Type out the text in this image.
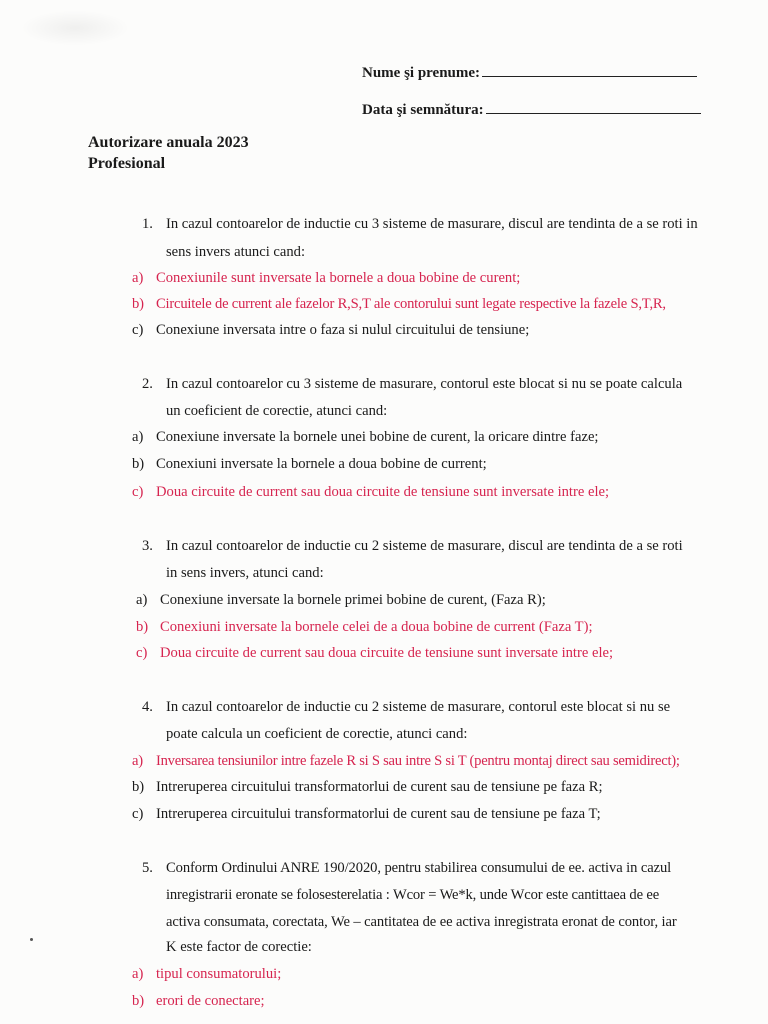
Nume şi prenume:
Data şi semnătura:
Autorizare anuala 2023
Profesional
1. In cazul contoarelor de inductie cu 3 sisteme de masurare, discul are tendinta de a se roti in
sens invers atunci cand:
a) Conexiunile sunt inversate la bornele a doua bobine de curent;
b) Circuitele de current ale fazelor R,S,T ale contorului sunt legate respective la fazele S,T,R,
c) Conexiune inversata intre o faza si nulul circuitului de tensiune;
2. In cazul contoarelor cu 3 sisteme de masurare, contorul este blocat si nu se poate calcula
un coeficient de corectie, atunci cand:
a) Conexiune inversate la bornele unei bobine de curent, la oricare dintre faze;
b) Conexiuni inversate la bornele a doua bobine de current;
c) Doua circuite de current sau doua circuite de tensiune sunt inversate intre ele;
3. In cazul contoarelor de inductie cu 2 sisteme de masurare, discul are tendinta de a se roti
in sens invers, atunci cand:
a) Conexiune inversate la bornele primei bobine de curent, (Faza R);
b) Conexiuni inversate la bornele celei de a doua bobine de current (Faza T);
c) Doua circuite de current sau doua circuite de tensiune sunt inversate intre ele;
4. In cazul contoarelor de inductie cu 2 sisteme de masurare, contorul este blocat si nu se
poate calcula un coeficient de corectie, atunci cand:
a) Inversarea tensiunilor intre fazele R si S sau intre S si T (pentru montaj direct sau semidirect);
b) Intreruperea circuitului transformatorlui de curent sau de tensiune pe faza R;
c) Intreruperea circuitului transformatorlui de curent sau de tensiune pe faza T;
5. Conform Ordinului ANRE 190/2020, pentru stabilirea consumului de ee. activa in cazul
inregistrarii eronate se folosesterelatia : Wcor = We*k, unde Wcor este cantittaea de ee
activa consumata, corectata, We – cantitatea de ee activa inregistrata eronat de contor, iar
K este factor de corectie:
a) tipul consumatorului;
b) erori de conectare;
